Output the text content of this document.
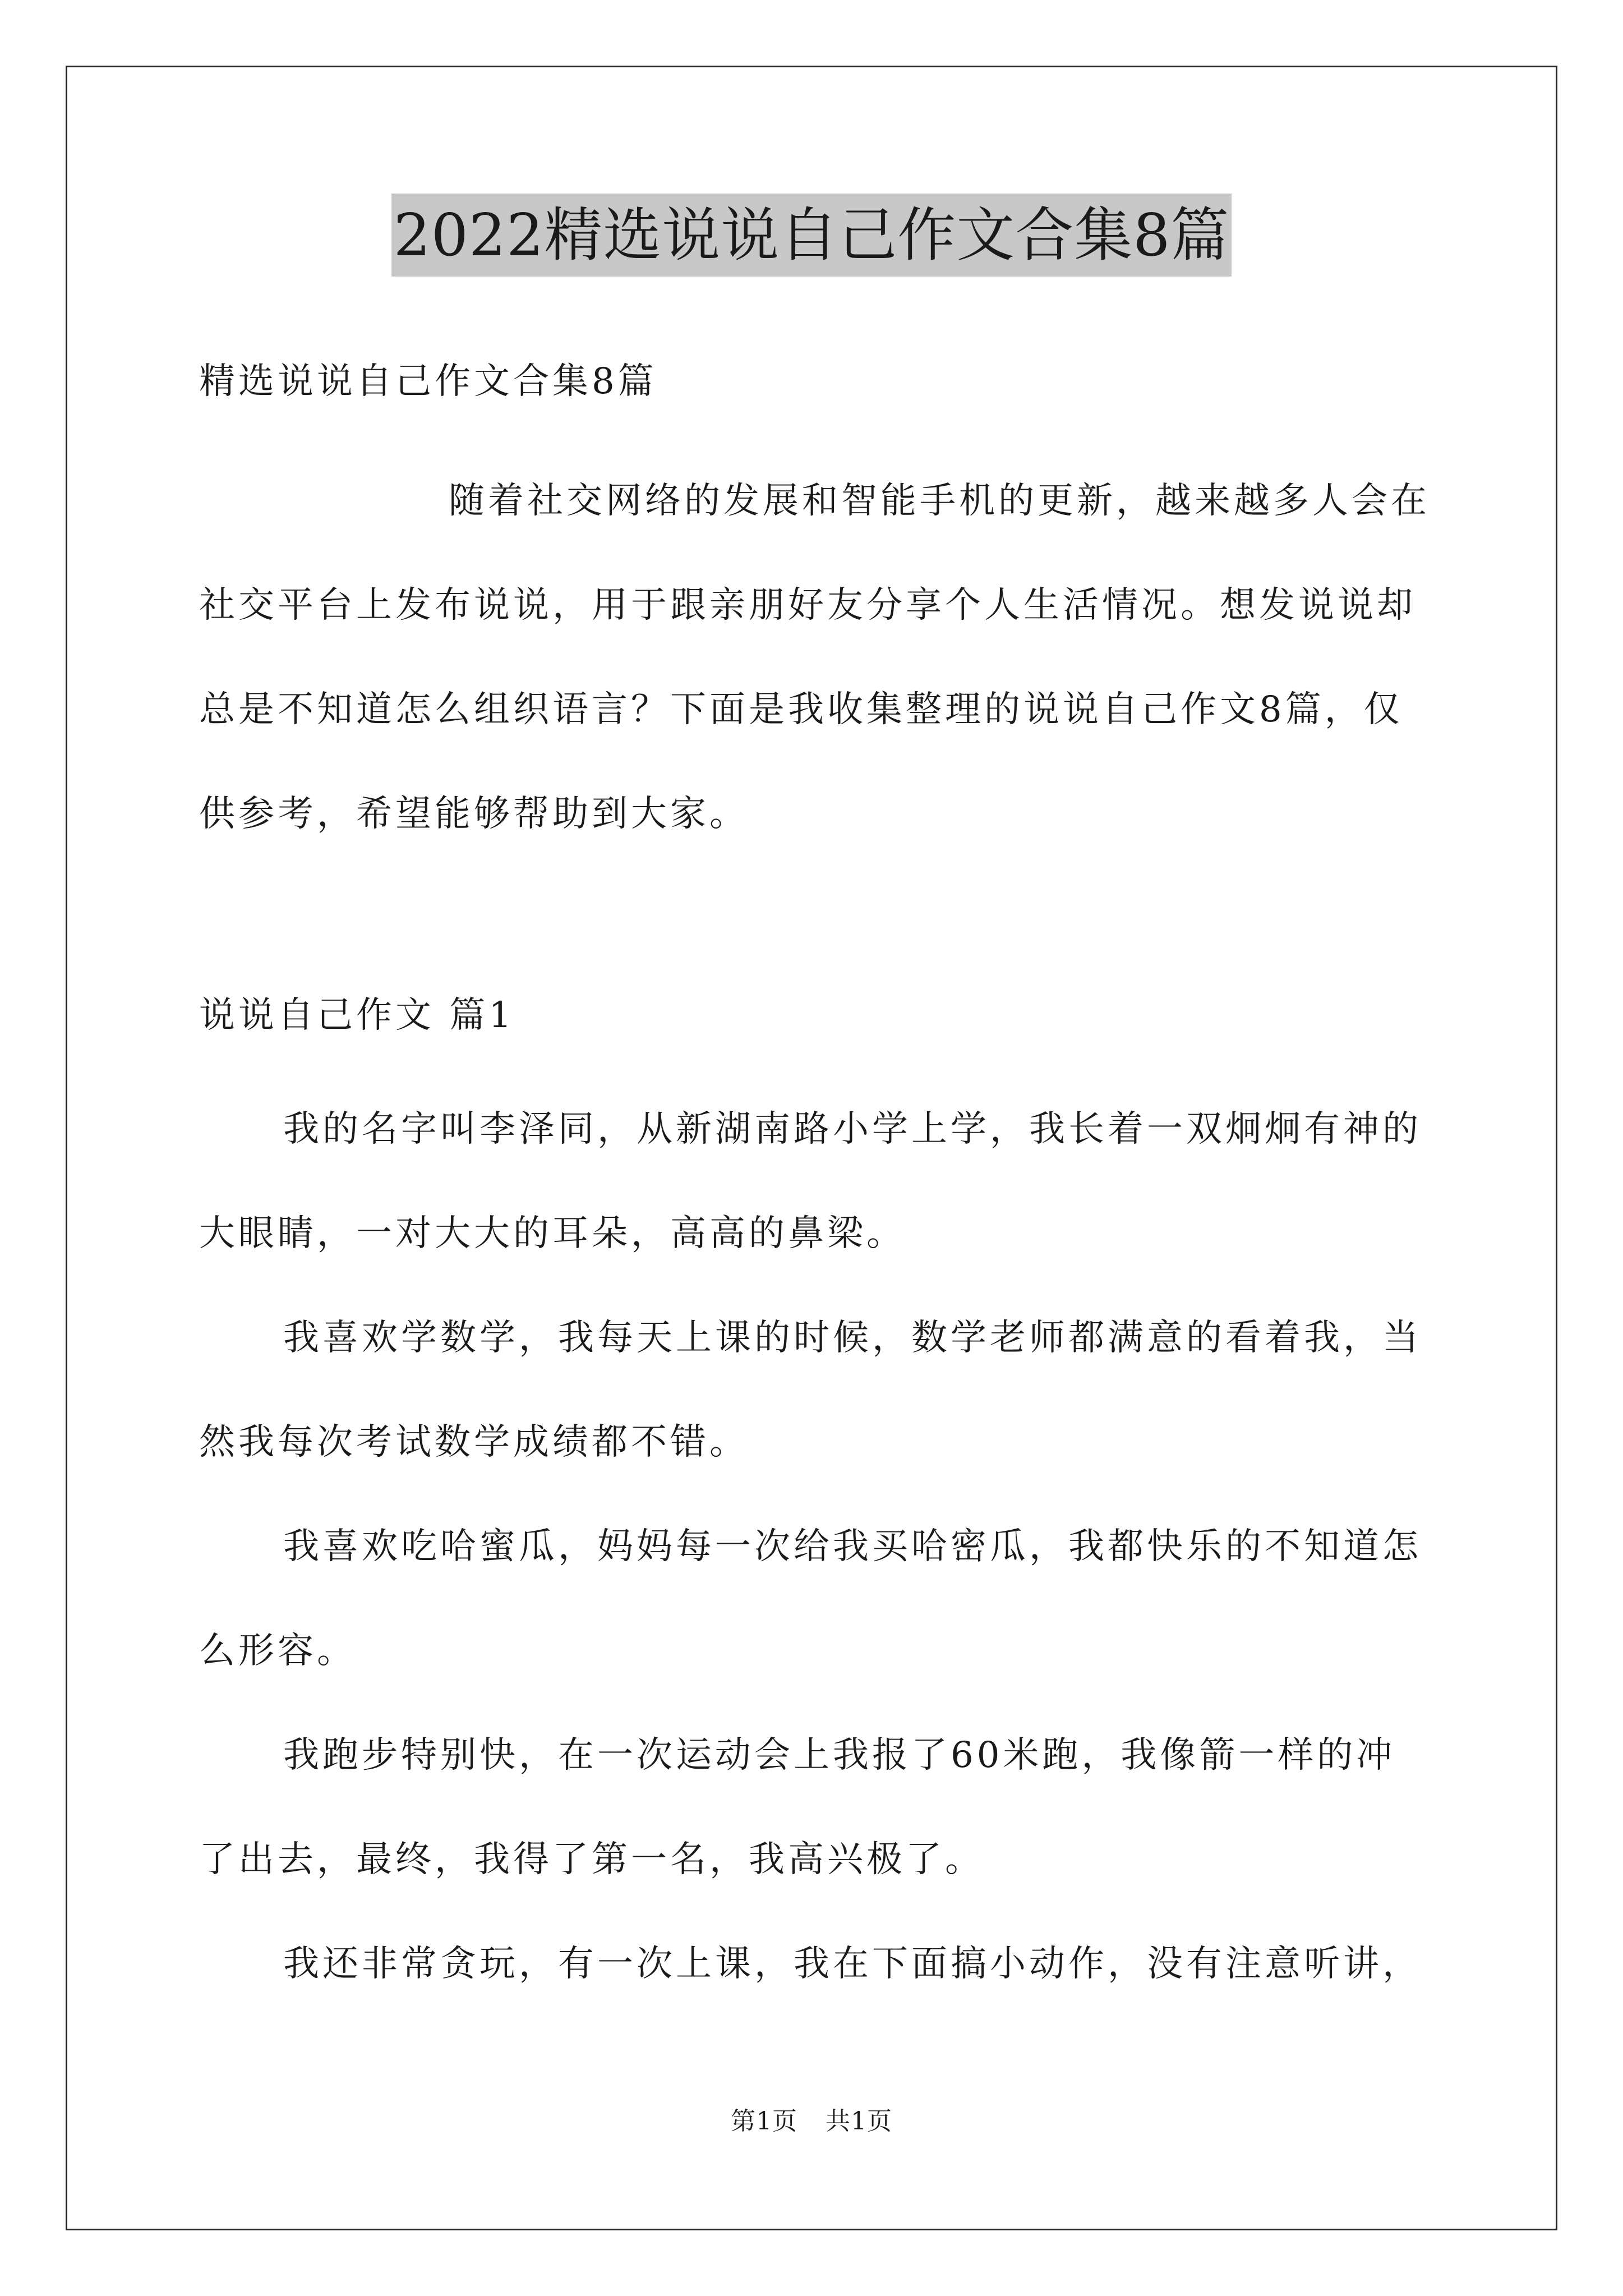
2022精选说说自己作文合集8篇
精选说说自己作文合集8篇
随着社交网络的发展和智能手机的更新，越来越多人会在社交平台上发布说说，用于跟亲朋好友分享个人生活情况。想发说说却总是不知道怎么组织语言？下面是我收集整理的说说自己作文8篇，仅供参考，希望能够帮助到大家。
说说自己作文 篇1

我的名字叫李泽同，从新湖南路小学上学，我长着一双炯炯有神的大眼睛，一对大大的耳朵，高高的鼻梁。

我喜欢学数学，我每天上课的时候，数学老师都满意的看着我，当然我每次考试数学成绩都不错。

我喜欢吃哈蜜瓜，妈妈每一次给我买哈密瓜，我都快乐的不知道怎么形容。

我跑步特别快，在一次运动会上我报了60米跑，我像箭一样的冲了出去，最终，我得了第一名，我高兴极了。

我还非常贪玩，有一次上课，我在下面搞小动作，没有注意听讲，

第1页 共1页
